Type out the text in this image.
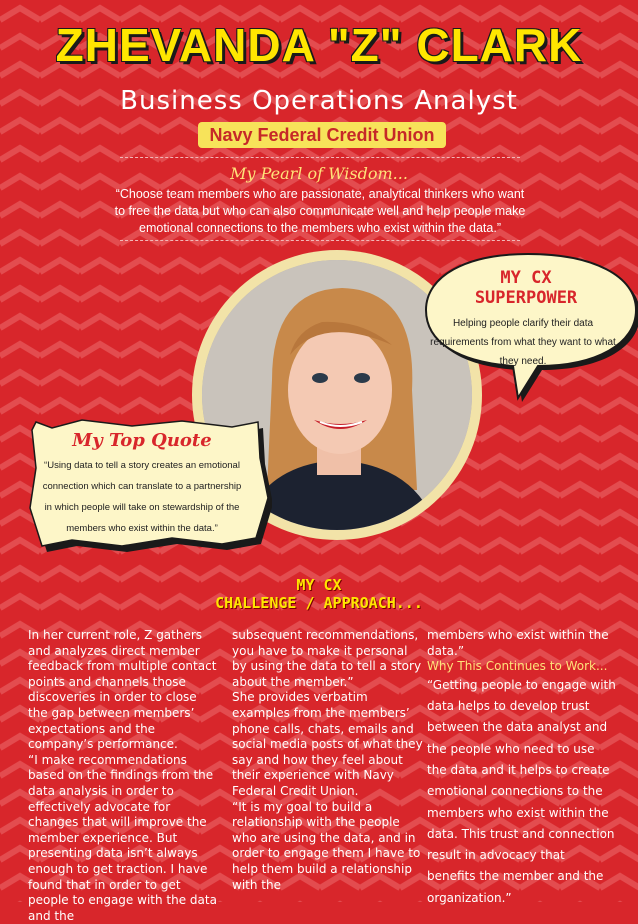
ZHEVANDA "Z" CLARK
Business Operations Analyst
Navy Federal Credit Union
My Pearl of Wisdom...
“Choose team members who are passionate, analytical thinkers who want to free the data but who can also communicate well and help people make emotional connections to the members who exist within the data.”
MY CX
SUPERPOWER
Helping people clarify their data requirements from what they want to what they need.
My Top Quote
“Using data to tell a story creates an emotional connection which can translate to a partnership in which people will take on stewardship of the members who exist within the data.”
MY CX
CHALLENGE / APPROACH...

In her current role, Z gathers and analyzes direct member feedback from multiple contact points and channels those discoveries in order to close the gap between members’ expectations and the company’s performance.

“I make recommendations based on the findings from the data analysis in order to effectively advocate for changes that will improve the member experience. But presenting data isn’t always enough to get traction. I have found that in order to get people to engage with the data and the

subsequent recommendations, you have to make it personal by using the data to tell a story about the member.”

She provides verbatim examples from the members’ phone calls, chats, emails and social media posts of what they say and how they feel about their experience with Navy Federal Credit Union.

“It is my goal to build a relationship with the people who are using the data, and in order to engage them I have to help them build a relationship with the

members who exist within the data.”

Why This Continues to Work...

“Getting people to engage with data helps to develop trust between the data analyst and the people who need to use the data and it helps to create emotional connections to the members who exist within the data. This trust and connection result in advocacy that benefits the member and the organization.”
